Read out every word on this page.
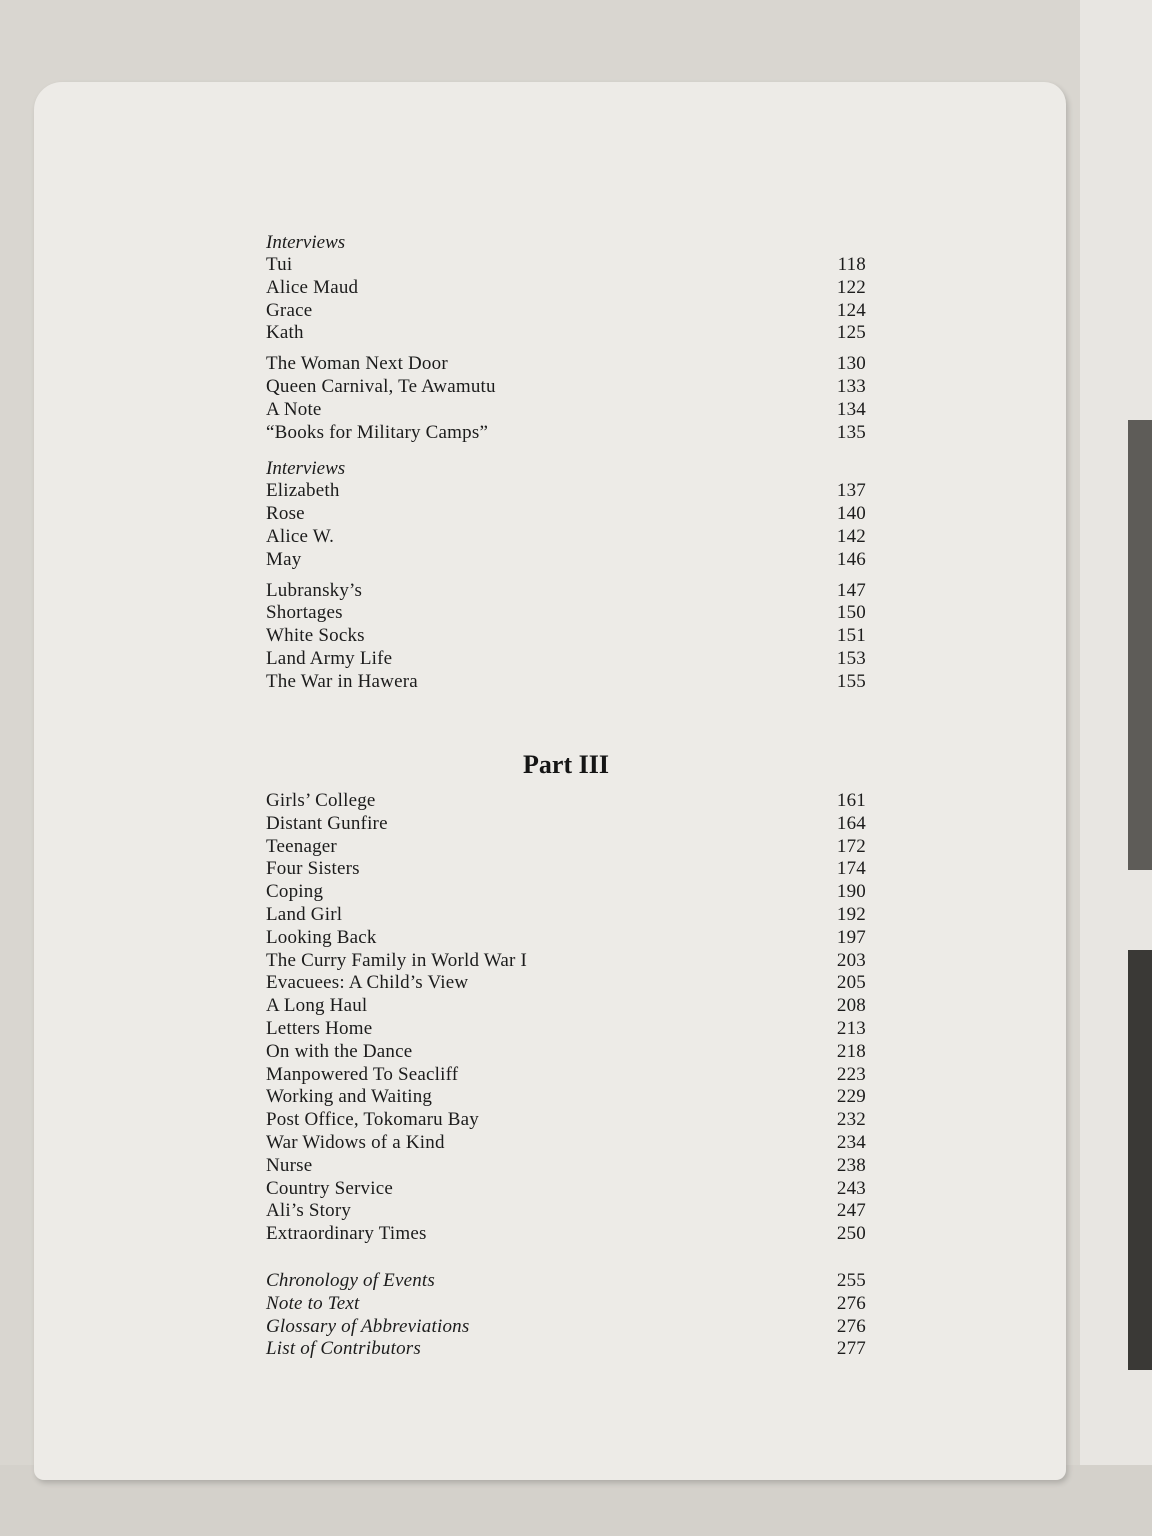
Interviews
Tui	118
Alice Maud	122
Grace	124
Kath	125
The Woman Next Door	130
Queen Carnival, Te Awamutu	133
A Note	134
“Books for Military Camps”	135
Interviews
Elizabeth	137
Rose	140
Alice W.	142
May	146
Lubransky’s	147
Shortages	150
White Socks	151
Land Army Life	153
The War in Hawera	155
Part III
Girls’ College	161
Distant Gunfire	164
Teenager	172
Four Sisters	174
Coping	190
Land Girl	192
Looking Back	197
The Curry Family in World War I	203
Evacuees: A Child’s View	205
A Long Haul	208
Letters Home	213
On with the Dance	218
Manpowered To Seacliff	223
Working and Waiting	229
Post Office, Tokomaru Bay	232
War Widows of a Kind	234
Nurse	238
Country Service	243
Ali’s Story	247
Extraordinary Times	250
Chronology of Events	255
Note to Text	276
Glossary of Abbreviations	276
List of Contributors	277
